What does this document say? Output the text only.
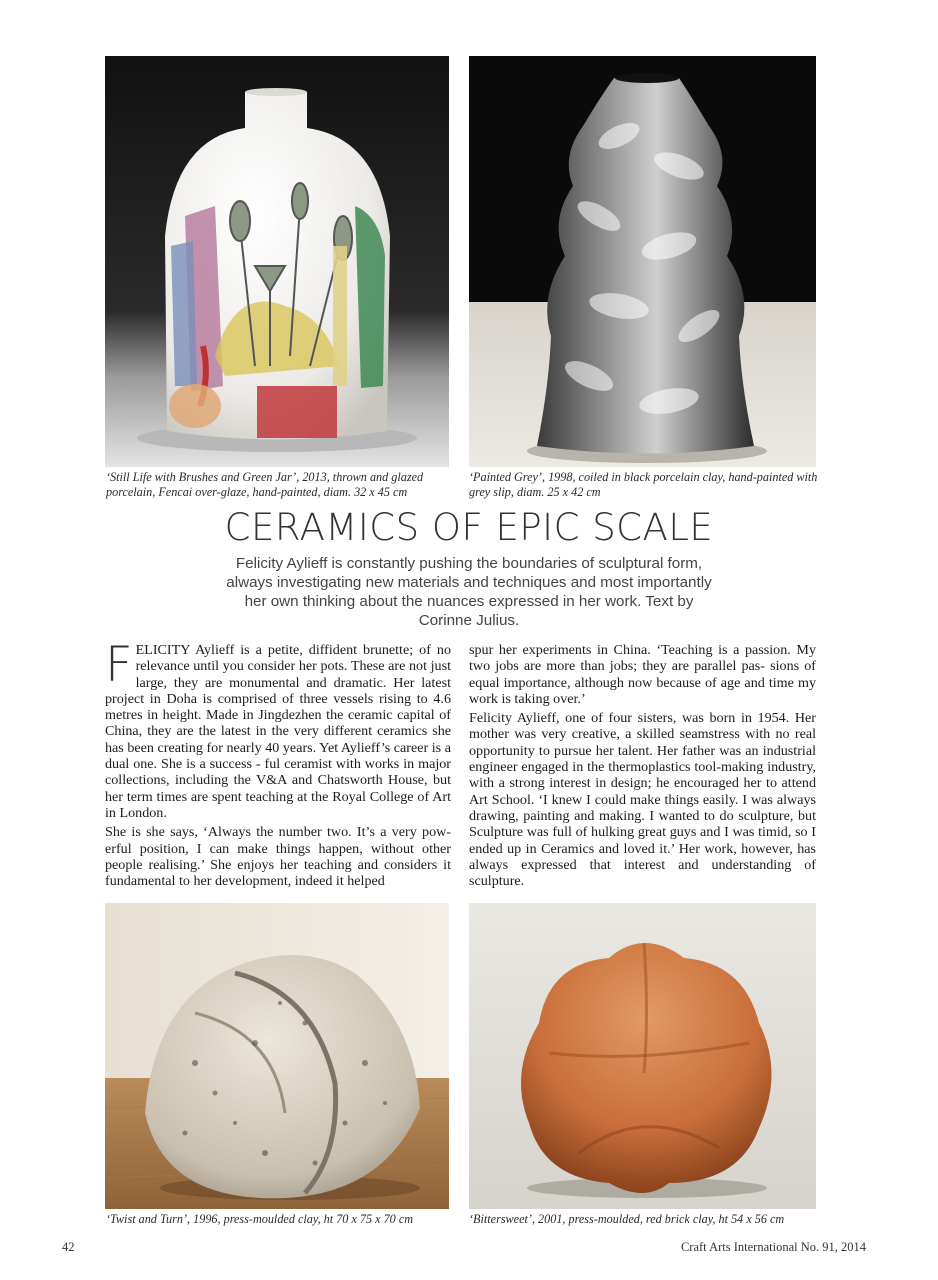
‘Still Life with Brushes and Green Jar’, 2013, thrown and glazed porcelain, Fencai over-glaze, hand-painted, diam. 32 x 45 cm

‘Painted Grey’, 1998, coiled in black porcelain clay, hand-painted with grey slip, diam. 25 x 42 cm

CERAMICS OF EPIC SCALE

Felicity Aylieff is constantly pushing the boundaries of sculptural form, always investigating new materials and techniques and most importantly her own thinking about the nuances expressed in her work. Text by Corinne Julius.

FELICITY Aylieff is a petite, diffident brunette; of no relevance until you consider her pots. These are not just large, they are monumental and dramatic. Her latest project in Doha is comprised of three vessels rising to 4.6 metres in height. Made in Jingdezhen the ceramic capital of China, they are the latest in the very different ceramics she has been creating for nearly 40 years. Yet Aylieff’s career is a dual one. She is a success - ful ceramist with works in major collections, including the V&A and Chatsworth House, but her term times are spent teaching at the Royal College of Art in London.

She is she says, ‘Always the number two. It’s a very pow- erful position, I can make things happen, without other people realising.’ She enjoys her teaching and considers it fundamental to her development, indeed it helped

spur her experiments in China. ‘Teaching is a passion. My two jobs are more than jobs; they are parallel pas- sions of equal importance, although now because of age and time my work is taking over.’

Felicity Aylieff, one of four sisters, was born in 1954. Her mother was very creative, a skilled seamstress with no real opportunity to pursue her talent. Her father was an industrial engineer engaged in the thermoplastics tool-making industry, with a strong interest in design; he encouraged her to attend Art School. ‘I knew I could make things easily. I was always drawing, painting and making. I wanted to do sculpture, but Sculpture was full of hulking great guys and I was timid, so I ended up in Ceramics and loved it.’ Her work, however, has always expressed that interest and understanding of sculpture.

‘Twist and Turn’, 1996, press-moulded clay, ht 70 x 75 x 70 cm	‘Bittersweet’, 2001, press-moulded, red brick clay, ht 54 x 56 cm

42	Craft Arts International No. 91, 2014
